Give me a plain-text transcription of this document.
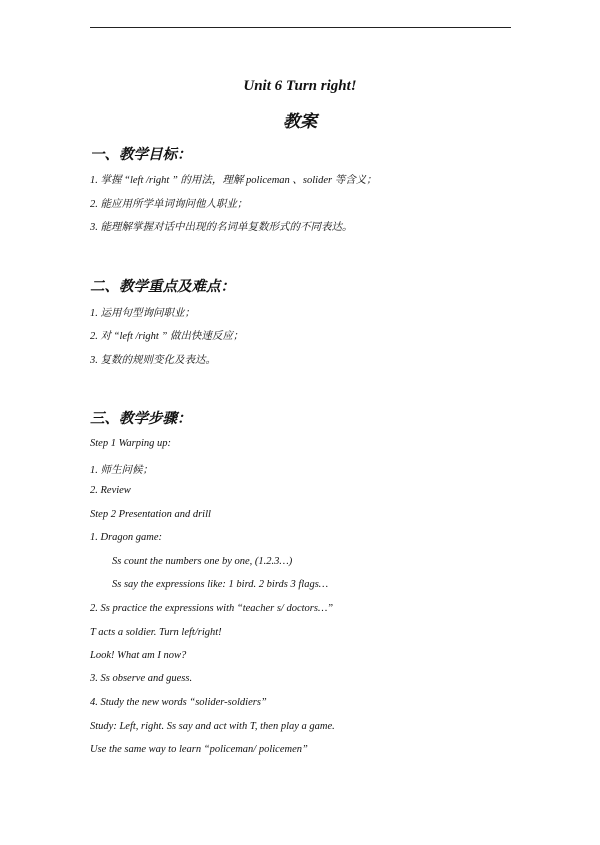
Unit 6 Turn right!
教案
一、教学目标：
1. 掌握 “left /right ” 的用法，理解 policeman 、solider 等含义；
2. 能应用所学单词询问他人职业；
3. 能理解掌握对话中出现的名词单复数形式的不同表达。
二、教学重点及难点：
1. 运用句型询问职业；
2. 对 “left /right ” 做出快速反应；
3. 复数的规则变化及表达。
三、教学步骤：
Step 1 Warping up:
1. 师生问候；
2. Review
Step 2 Presentation and drill
1. Dragon game:
Ss count the numbers one by one, (1.2.3…)
Ss say the expressions like: 1 bird. 2 birds 3 flags…
2. Ss practice the expressions with “teacher s/ doctors…”
T acts a soldier. Turn left/right!
Look! What am I now?
3. Ss observe and guess.
4. Study the new words “solider-soldiers”
Study: Left, right. Ss say and act with T, then play a game.
Use the same way to learn “policeman/ policemen”
